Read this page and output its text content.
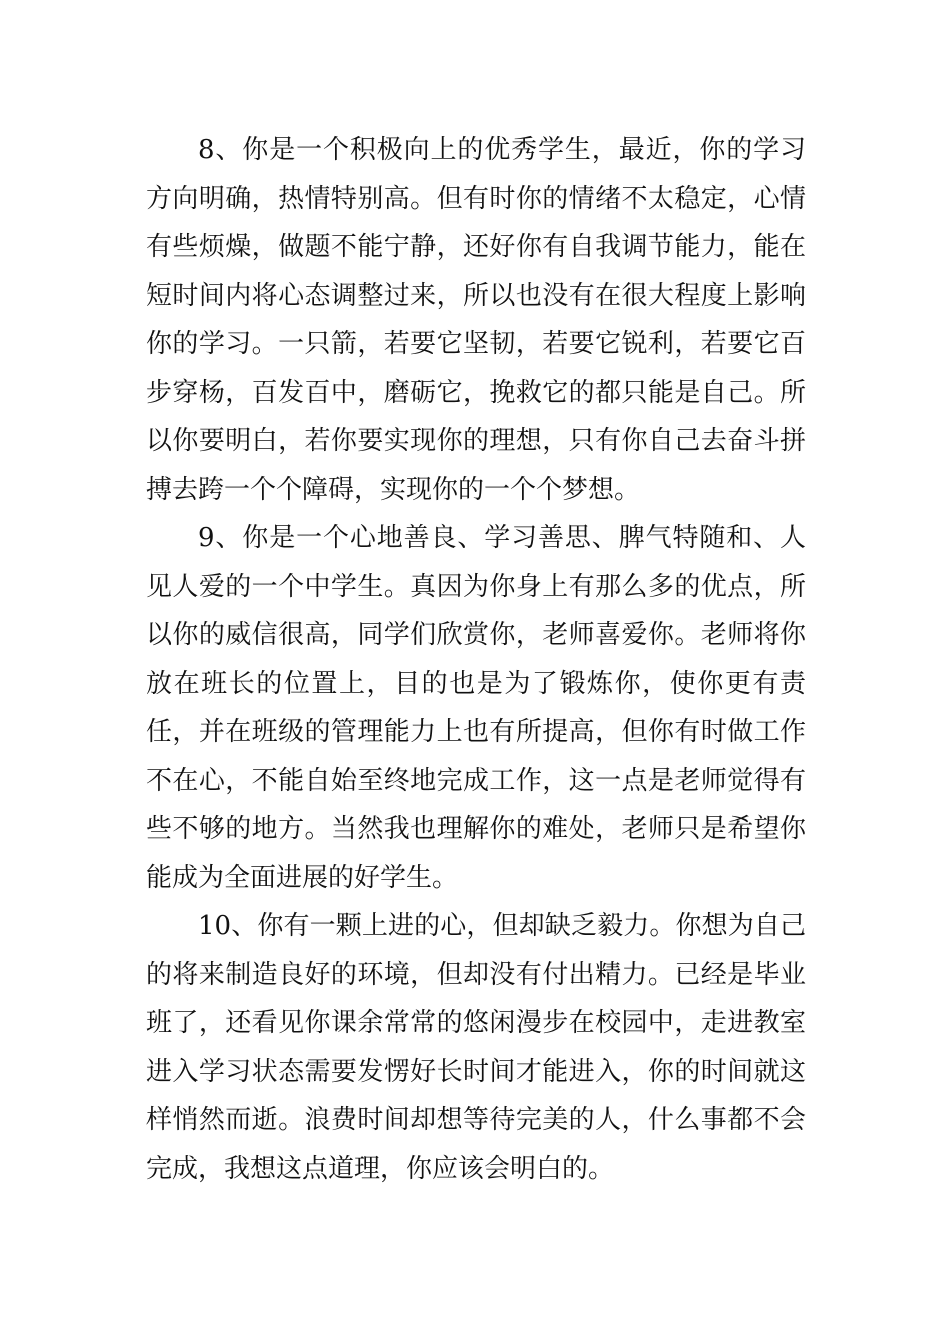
8、你是一个积极向上的优秀学生，最近，你的学习方向明确，热情特别高。但有时你的情绪不太稳定，心情有些烦燥，做题不能宁静，还好你有自我调节能力，能在短时间内将心态调整过来，所以也没有在很大程度上影响你的学习。一只箭，若要它坚韧，若要它锐利，若要它百步穿杨，百发百中，磨砺它，挽救它的都只能是自己。所以你要明白，若你要实现你的理想，只有你自己去奋斗拼搏去跨一个个障碍，实现你的一个个梦想。

9、你是一个心地善良、学习善思、脾气特随和、人见人爱的一个中学生。真因为你身上有那么多的优点，所以你的威信很高，同学们欣赏你，老师喜爱你。老师将你放在班长的位置上，目的也是为了锻炼你，使你更有责任，并在班级的管理能力上也有所提高，但你有时做工作不在心，不能自始至终地完成工作，这一点是老师觉得有些不够的地方。当然我也理解你的难处，老师只是希望你能成为全面进展的好学生。

10、你有一颗上进的心，但却缺乏毅力。你想为自己的将来制造良好的环境，但却没有付出精力。已经是毕业班了，还看见你课余常常的悠闲漫步在校园中，走进教室进入学习状态需要发愣好长时间才能进入，你的时间就这样悄然而逝。浪费时间却想等待完美的人，什么事都不会完成，我想这点道理，你应该会明白的。
